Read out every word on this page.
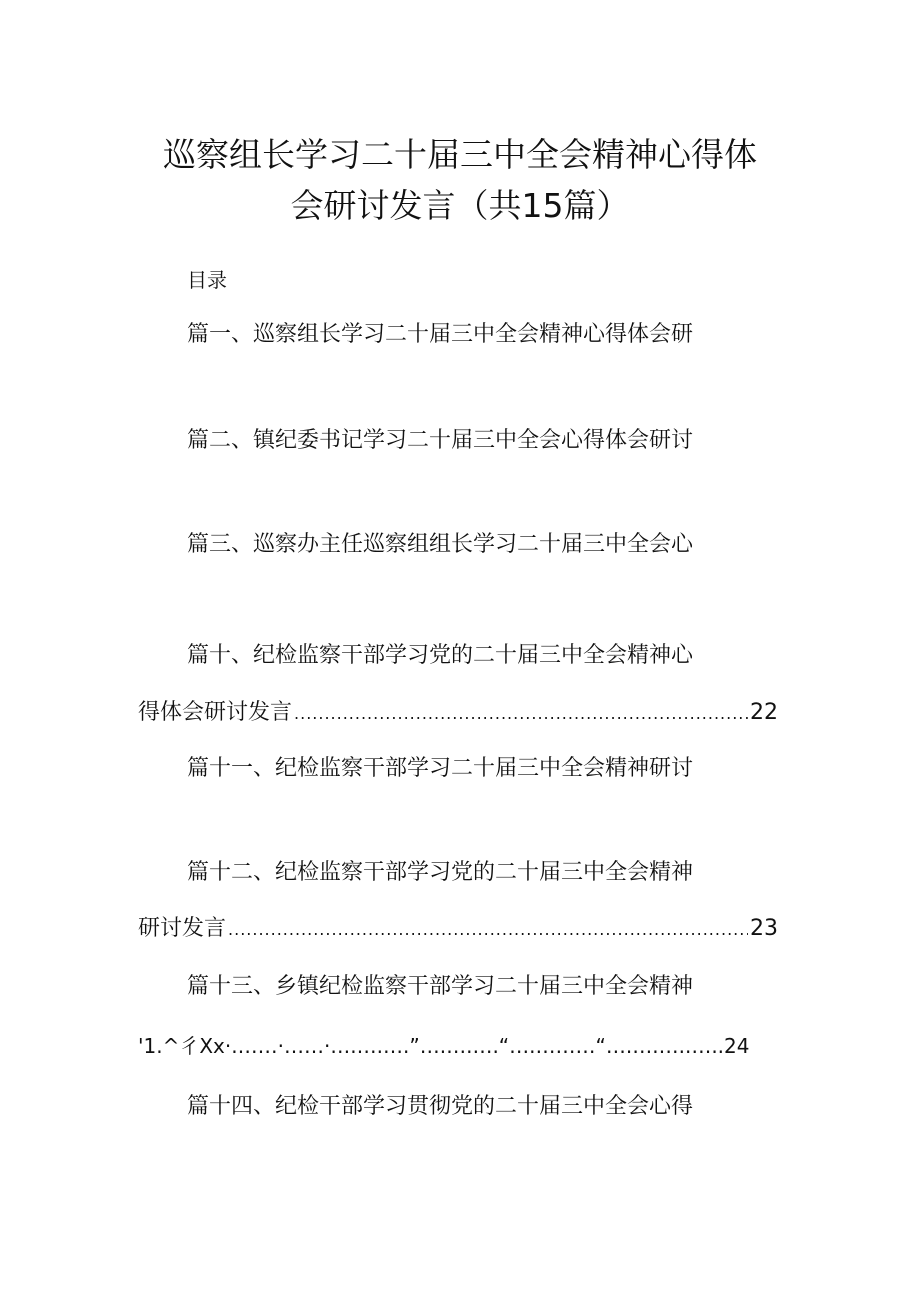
巡察组长学习二十届三中全会精神心得体
会研讨发言（共15篇）
目录
篇一、巡察组长学习二十届三中全会精神心得体会研
篇二、镇纪委书记学习二十届三中全会心得体会研讨
篇三、巡察办主任巡察组组长学习二十届三中全会心
篇十、纪检监察干部学习党的二十届三中全会精神心
得体会研讨发言 .....	22
篇十一、纪检监察干部学习二十届三中全会精神研讨
篇十二、纪检监察干部学习党的二十届三中全会精神
研讨发言 .....	23
篇十三、乡镇纪检监察干部学习二十届三中全会精神
'1.^彳Xx·.……·……·….….….”….….….“….………“….….…..…..24
篇十四、纪检干部学习贯彻党的二十届三中全会心得
